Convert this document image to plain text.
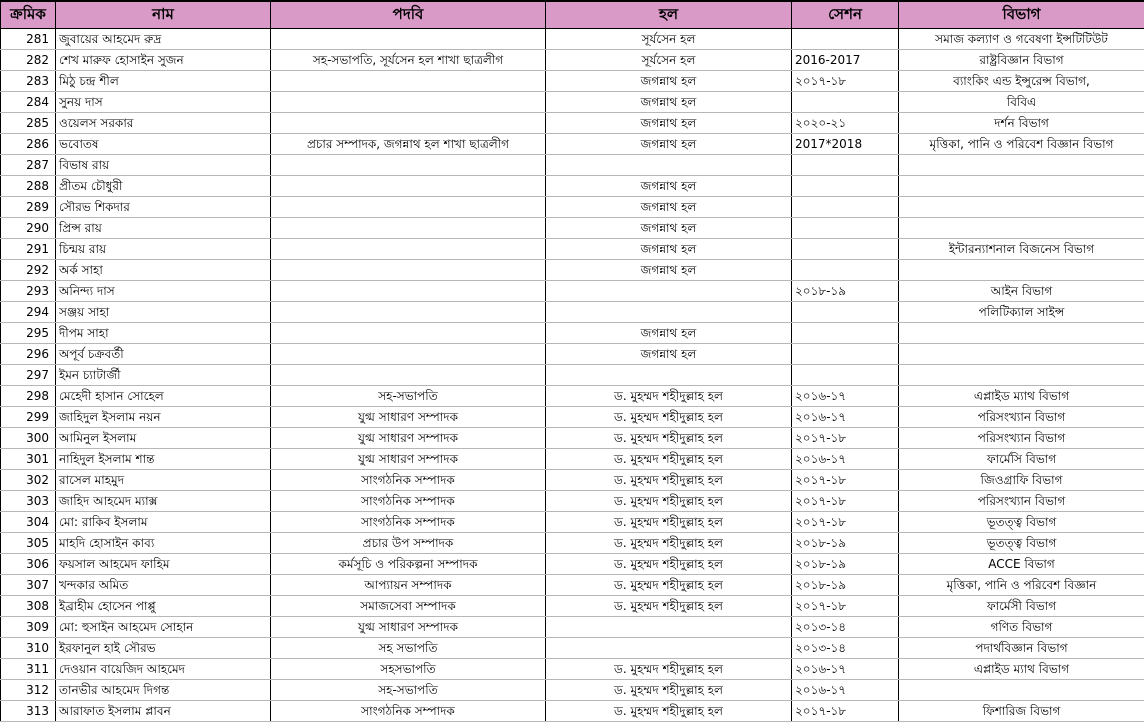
ক্রমিক	নাম	পদবি	হল	সেশন	বিভাগ
281	জুবায়ের আহমেদ রুদ্র		সূর্যসেন হল		সমাজ কল্যাণ ও গবেষণা ইন্সটিটিউট
282	শেখ মারুফ হোসাইন সুজন	সহ-সভাপতি, সূর্যসেন হল শাখা ছাত্রলীগ	সূর্যসেন হল	2016-2017	রাষ্ট্রবিজ্ঞান বিভাগ
283	মিঠু চন্দ্র শীল		জগন্নাথ হল	২০১৭-১৮	ব্যাংকিং এন্ড ইন্সুরেন্স বিভাগ,
284	সুনয় দাস		জগন্নাথ হল		বিবিএ
285	ওয়েলস সরকার		জগন্নাথ হল	২০২০-২১	দর্শন বিভাগ
286	ভবোতষ	প্রচার সম্পাদক, জগন্নাথ হল শাখা ছাত্রলীগ	জগন্নাথ হল	2017*2018	মৃত্তিকা, পানি ও পরিবেশ বিজ্ঞান বিভাগ
287	বিভাষ রায়				
288	প্রীতম চৌধুরী		জগন্নাথ হল		
289	সৌরভ শিকদার		জগন্নাথ হল		
290	প্রিন্স রায়		জগন্নাথ হল		
291	চিন্ময় রায়		জগন্নাথ হল		ইন্টারন্যাশনাল বিজনেস বিভাগ
292	অর্ক সাহা		জগন্নাথ হল		
293	অনিন্দ্য দাস			২০১৮-১৯	আইন বিভাগ
294	সঞ্জয় সাহা				পলিটিক্যাল সাইন্স
295	দীপম সাহা		জগন্নাথ হল		
296	অপূর্ব চক্রবর্তী		জগন্নাথ হল		
297	ইমন চ্যাটার্জী				
298	মেহেদী হাসান সোহেল	সহ-সভাপতি	ড. মুহম্মদ শহীদুল্লাহ হল	২০১৬-১৭	এপ্লাইড ম্যাথ বিভাগ
299	জাহিদুল ইসলাম নয়ন	যুগ্ম সাধারণ সম্পাদক	ড. মুহম্মদ শহীদুল্লাহ হল	২০১৬-১৭	পরিসংখ্যান বিভাগ
300	আমিনুল ইসলাম	যুগ্ম সাধারণ সম্পাদক	ড. মুহম্মদ শহীদুল্লাহ হল	২০১৭-১৮	পরিসংখ্যান বিভাগ
301	নাহিদুল ইসলাম শান্ত	যুগ্ম সাধারণ সম্পাদক	ড. মুহম্মদ শহীদুল্লাহ হল	২০১৬-১৭	ফার্মেসি বিভাগ
302	রাসেল মাহমুদ	সাংগঠনিক সম্পাদক	ড. মুহম্মদ শহীদুল্লাহ হল	২০১৭-১৮	জিওগ্রাফি বিভাগ
303	জাহিদ আহমেদ ম্যাক্স	সাংগঠনিক সম্পাদক	ড. মুহম্মদ শহীদুল্লাহ হল	২০১৭-১৮	পরিসংখ্যান বিভাগ
304	মো: রাকিব ইসলাম	সাংগঠনিক সম্পাদক	ড. মুহম্মদ শহীদুল্লাহ হল	২০১৭-১৮	ভূতত্ত্ব বিভাগ
305	মাহদি হোসাইন কাব্য	প্রচার উপ সম্পাদক	ড. মুহম্মদ শহীদুল্লাহ হল	২০১৮-১৯	ভূতত্ত্ব বিভাগ
306	ফয়সাল আহমেদ ফাহিম	কর্মসূচি ও পরিকল্পনা সম্পাদক	ড. মুহম্মদ শহীদুল্লাহ হল	২০১৮-১৯	ACCE বিভাগ
307	খন্দকার অমিত	আপ্যায়ন সম্পাদক	ড. মুহম্মদ শহীদুল্লাহ হল	২০১৮-১৯	মৃত্তিকা, পানি ও পরিবেশ বিজ্ঞান
308	ইব্রাহীম হোসেন পাপ্পু	সমাজসেবা সম্পাদক	ড. মুহম্মদ শহীদুল্লাহ হল	২০১৭-১৮	ফার্মেসী বিভাগ
309	মো: হুসাইন আহমেদ সোহান	যুগ্ম সাধারণ সম্পাদক		২০১৩-১৪	গণিত বিভাগ
310	ইরফানুল হাই সৌরভ	সহ সভাপতি		২০১৩-১৪	পদার্থবিজ্ঞান বিভাগ
311	দেওয়ান বায়েজিদ আহমেদ	সহসভাপতি	ড. মুহম্মদ শহীদুল্লাহ হল	২০১৬-১৭	এপ্লাইড ম্যাথ বিভাগ
312	তানভীর আহমেদ দিগন্ত	সহ-সভাপতি	ড. মুহম্মদ শহীদুল্লাহ হল	২০১৬-১৭	
313	আরাফাত ইসলাম প্লাবন	সাংগঠনিক সম্পাদক	ড. মুহম্মদ শহীদুল্লাহ হল	২০১৭-১৮	ফিশারিজ বিভাগ
